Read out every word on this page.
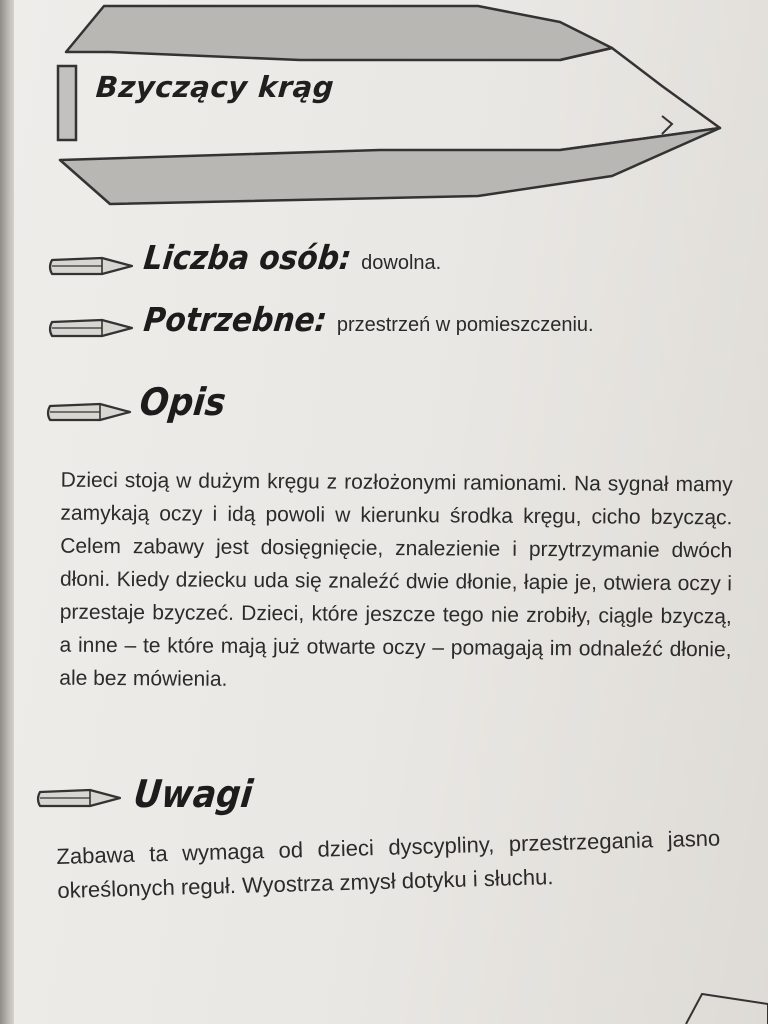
Bzyczący krąg
Liczba osób: dowolna.
Potrzebne: przestrzeń w pomieszczeniu.
Opis

Dzieci stoją w dużym kręgu z rozłożonymi ramionami. Na sygnał mamy zamykają oczy i idą powoli w kierunku środka kręgu, cicho bzycząc. Celem zabawy jest dosięgnięcie, znalezienie i przytrzymanie dwóch dłoni. Kiedy dziecku uda się znaleźć dwie dłonie, łapie je, otwiera oczy i przestaje bzyczeć. Dzieci, które jeszcze tego nie zrobiły, ciągle bzyczą, a inne – te które mają już otwarte oczy – pomagają im odnaleźć dłonie, ale bez mówienia.

Uwagi

Zabawa ta wymaga od dzieci dyscypliny, przestrzegania jasno określonych reguł. Wyostrza zmysł dotyku i słuchu.
